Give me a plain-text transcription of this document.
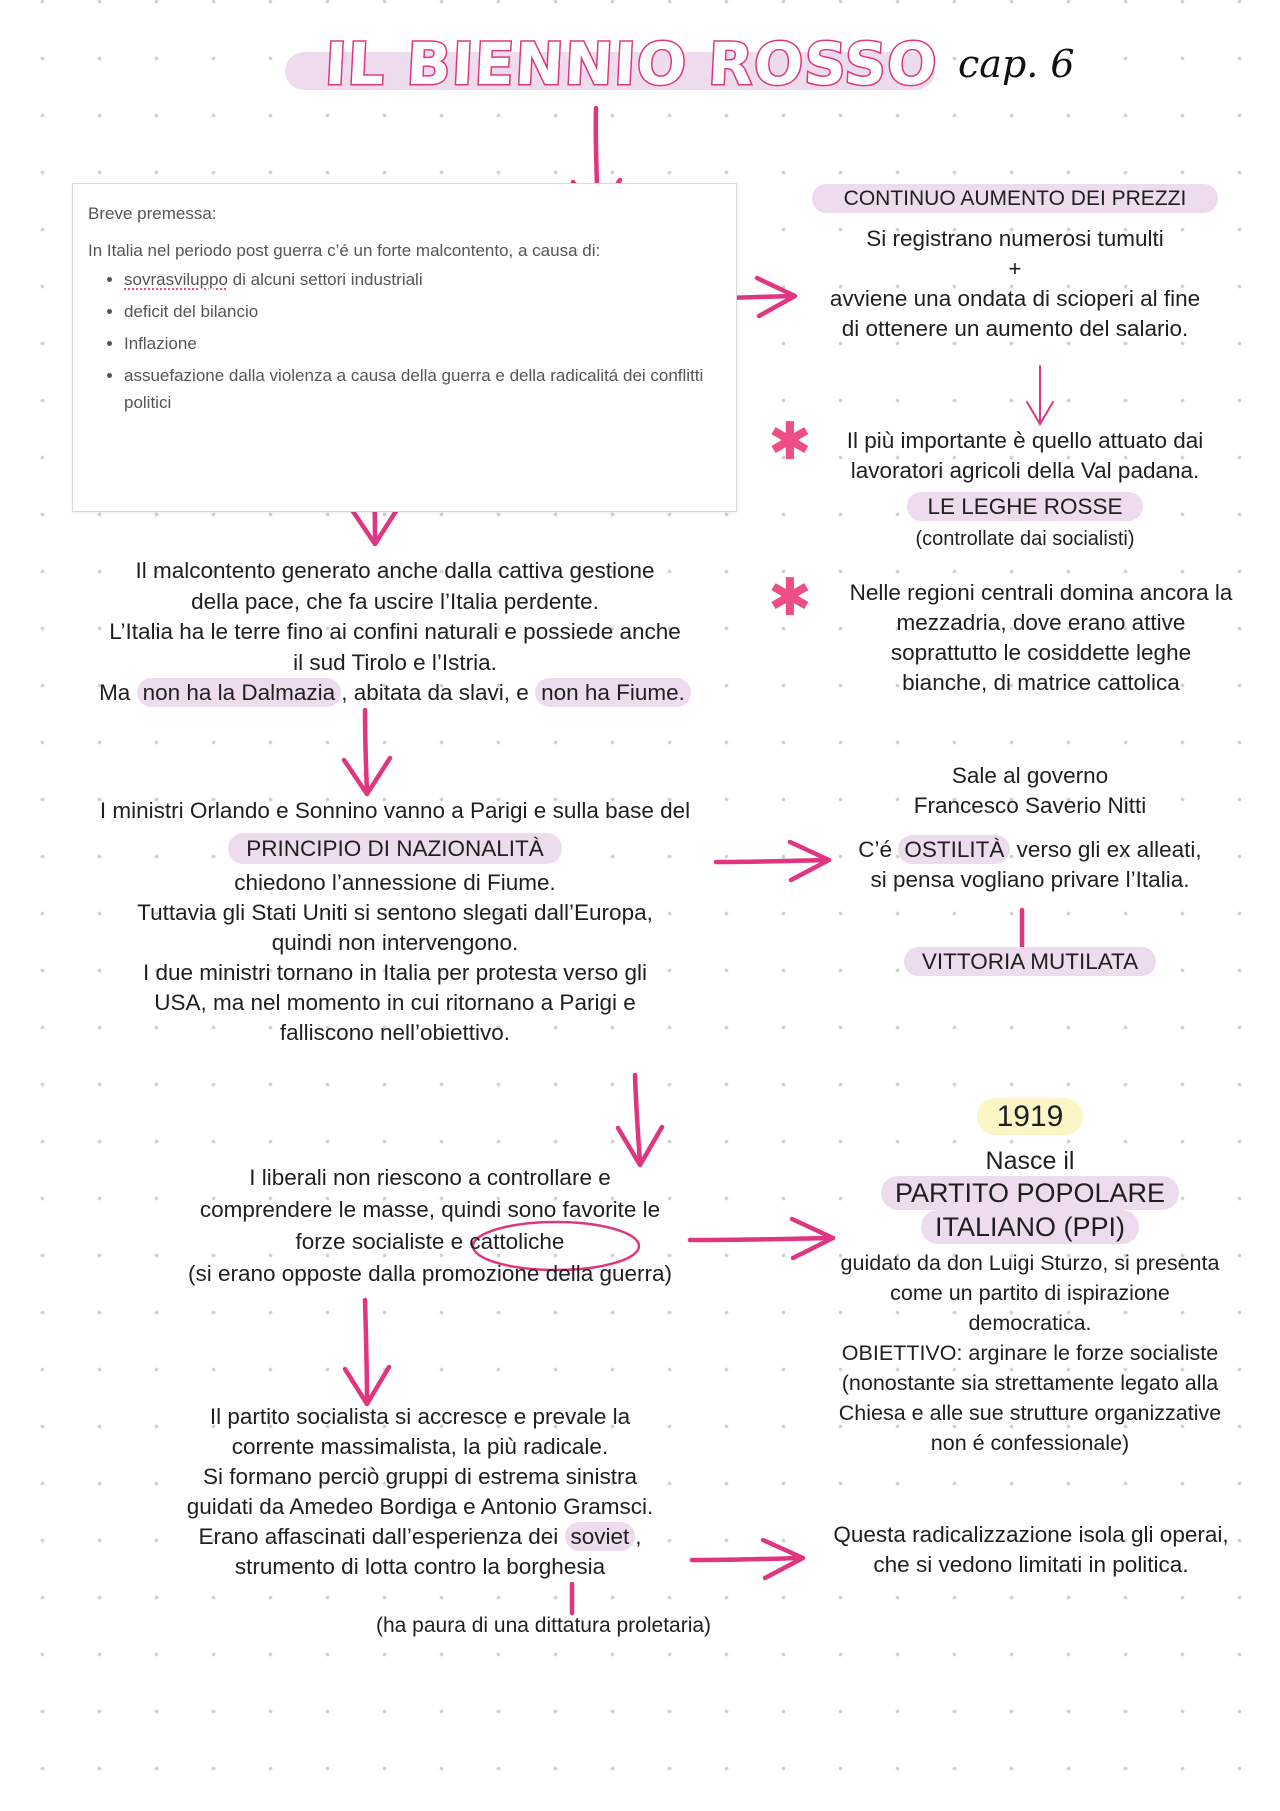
IL BIENNIO ROSSO cap. 6
Breve premessa:
In Italia nel periodo post guerra c’é un forte malcontento, a causa di:
• sovrasviluppo di alcuni settori industriali
• deficit del bilancio
• Inflazione
• assuefazione dalla violenza a causa della guerra e della radicalitá dei conflitti politici

CONTINUO AUMENTO DEI PREZZI

Si registrano numerosi tumulti

+

avviene una ondata di scioperi al fine

di ottenere un aumento del salario.

✱	Il più importante è quello attuato dai

lavoratori agricoli della Val padana.

LE LEGHE ROSSE

(controllate dai socialisti)

✱	Nelle regioni centrali domina ancora la

mezzadria, dove erano attive

soprattutto le cosiddette leghe

bianche, di matrice cattolica

Il malcontento generato anche dalla cattiva gestione

della pace, che fa uscire l’Italia perdente.

L’Italia ha le terre fino ai confini naturali e possiede anche

il sud Tirolo e l’Istria.

Ma non ha la Dalmazia , abitata da slavi, e non ha Fiume.

I ministri Orlando e Sonnino vanno a Parigi e sulla base del

PRINCIPIO DI NAZIONALITÀ

chiedono l’annessione di Fiume.

Tuttavia gli Stati Uniti si sentono slegati dall’Europa,

quindi non intervengono.

I due ministri tornano in Italia per protesta verso gli

USA, ma nel momento in cui ritornano a Parigi e

falliscono nell’obiettivo.

Sale al governo

Francesco Saverio Nitti

C’é OSTILITÀ verso gli ex alleati,

si pensa vogliano privare l’Italia.

VITTORIA MUTILATA

1919

Nasce il

PARTITO POPOLARE

ITALIANO (PPI)

guidato da don Luigi Sturzo, si presenta

come un partito di ispirazione

democratica.

OBIETTIVO: arginare le forze socialiste

(nonostante sia strettamente legato alla

Chiesa e alle sue strutture organizzative

non é confessionale)

I liberali non riescono a controllare e

comprendere le masse, quindi sono favorite le

forze socialiste e cattoliche

(si erano opposte dalla promozione della guerra)

Il partito socialista si accresce e prevale la

corrente massimalista, la più radicale.

Si formano perciò gruppi di estrema sinistra

guidati da Amedeo Bordiga e Antonio Gramsci.

Erano affascinati dall’esperienza dei soviet ,

strumento di lotta contro la borghesia

(ha paura di una dittatura proletaria)

Questa radicalizzazione isola gli operai,

che si vedono limitati in politica.
